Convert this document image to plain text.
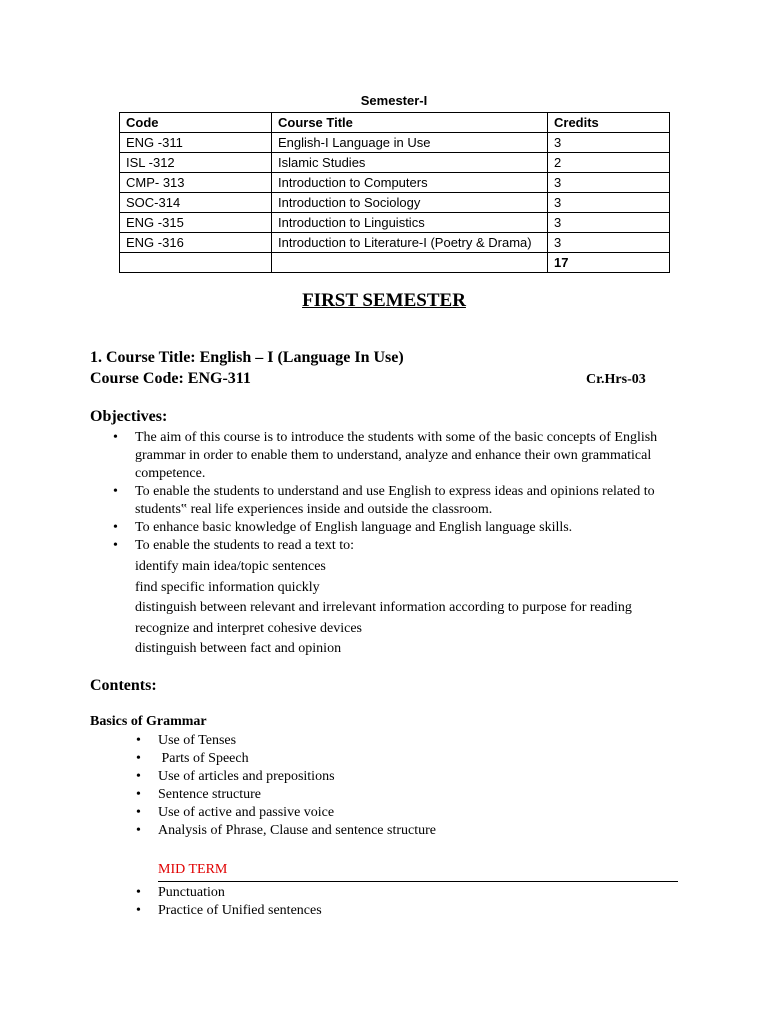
Semester-I
Code	Course Title	Credits
ENG -311	English-I Language in Use	3
ISL -312	Islamic Studies	2
CMP- 313	Introduction to Computers	3
SOC-314	Introduction to Sociology	3
ENG -315	Introduction to Linguistics	3
ENG -316	Introduction to Literature-I (Poetry & Drama)	3
		17
FIRST SEMESTER
1. Course Title: English – I (Language In Use)
Course Code: ENG-311	Cr.Hrs-03
Objectives:
• The aim of this course is to introduce the students with some of the basic concepts of English grammar in order to enable them to understand, analyze and enhance their own grammatical competence.
• To enable the students to understand and use English to express ideas and opinions related to students‟ real life experiences inside and outside the classroom.
• To enhance basic knowledge of English language and English language skills.
• To enable the students to read a text to:
identify main idea/topic sentences
find specific information quickly
distinguish between relevant and irrelevant information according to purpose for reading
recognize and interpret cohesive devices
distinguish between fact and opinion
Contents:
Basics of Grammar
• Use of Tenses
• Parts of Speech
• Use of articles and prepositions
• Sentence structure
• Use of active and passive voice
• Analysis of Phrase, Clause and sentence structure
MID TERM
• Punctuation
• Practice of Unified sentences
